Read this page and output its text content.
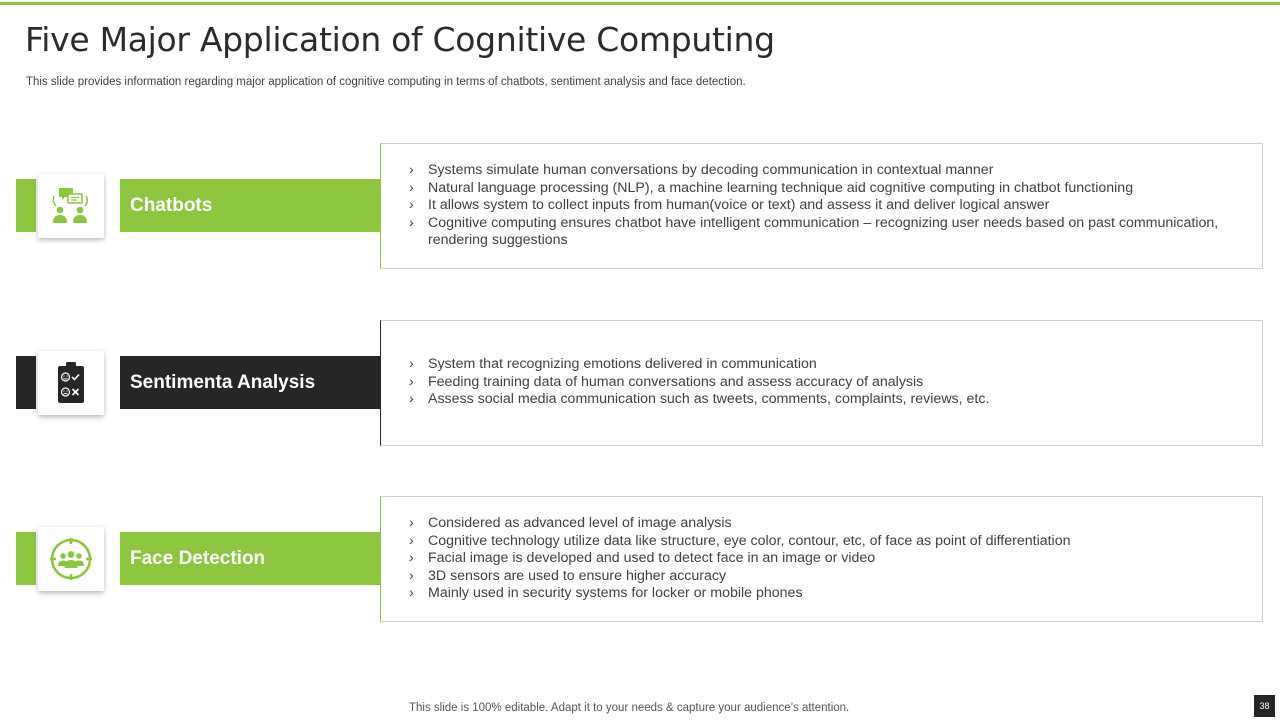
Five Major Application of Cognitive Computing

This slide provides information regarding major application of cognitive computing in terms of chatbots, sentiment analysis and face detection.

Chatbots
›	Systems simulate human conversations by decoding communication in contextual manner
›	Natural language processing (NLP), a machine learning technique aid cognitive computing in chatbot functioning
›	It allows system to collect inputs from human(voice or text) and assess it and deliver logical answer
›	Cognitive computing ensures chatbot have intelligent communication – recognizing user needs based on past communication, rendering suggestions
Sentimenta Analysis
›	System that recognizing emotions delivered in communication
›	Feeding training data of human conversations and assess accuracy of analysis
›	Assess social media communication such as tweets, comments, complaints, reviews, etc.
Face Detection
›	Considered as advanced level of image analysis
›	Cognitive technology utilize data like structure, eye color, contour, etc, of face as point of differentiation
›	Facial image is developed and used to detect face in an image or video
›	3D sensors are used to ensure higher accuracy
›	Mainly used in security systems for locker or mobile phones

This slide is 100% editable. Adapt it to your needs & capture your audience’s attention.	38
